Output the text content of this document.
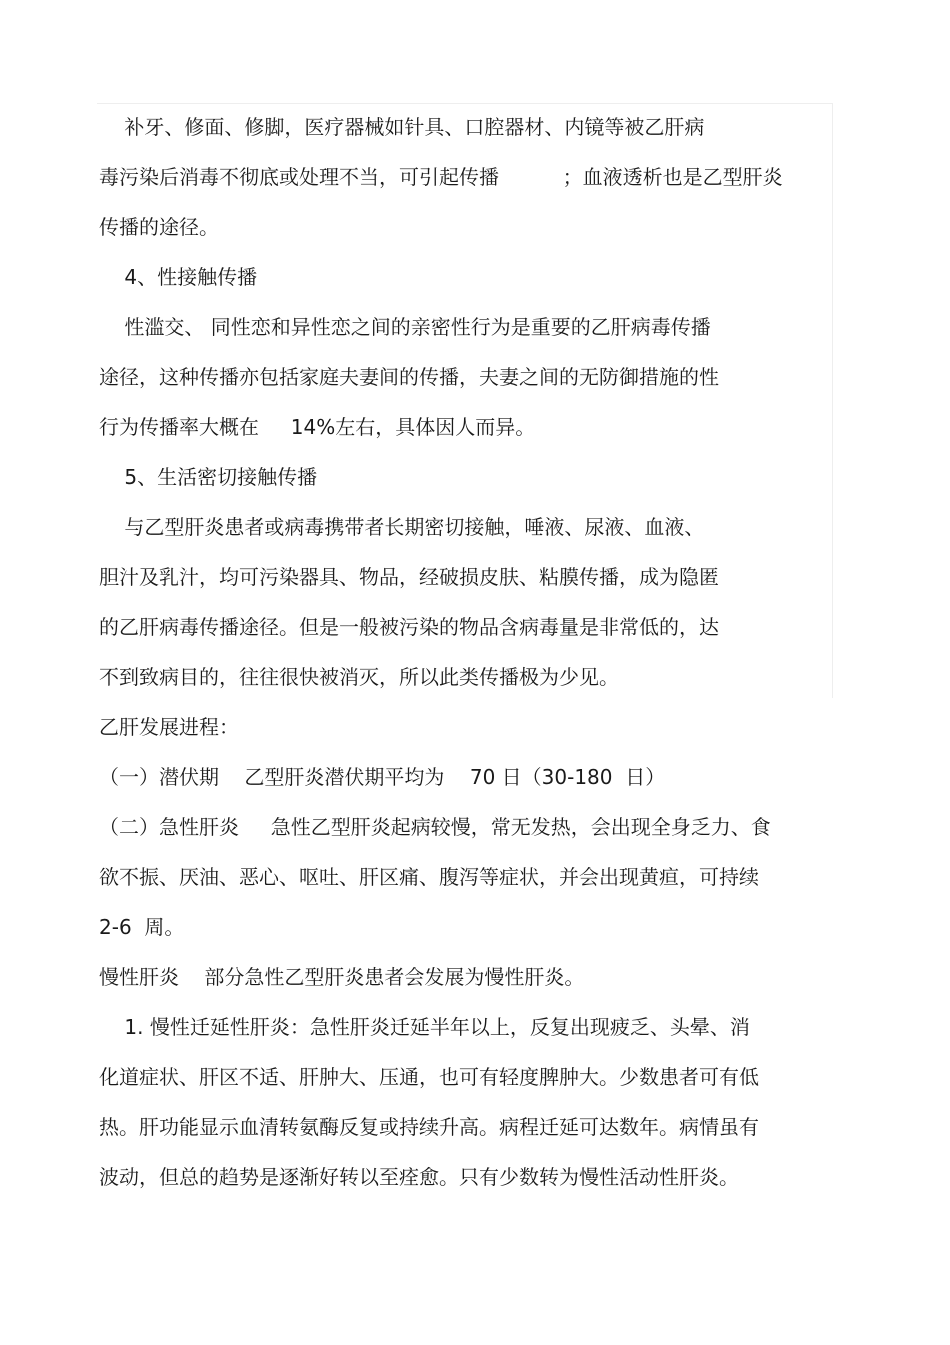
补牙、修面、修脚，医疗器械如针具、口腔器材、内镜等被乙肝病

毒污染后消毒不彻底或处理不当，可引起传播          ；血液透析也是乙型肝炎

传播的途径。

4、性接触传播

性滥交、 同性恋和异性恋之间的亲密性行为是重要的乙肝病毒传播

途径，这种传播亦包括家庭夫妻间的传播，夫妻之间的无防御措施的性

行为传播率大概在     14%左右，具体因人而异。

5、生活密切接触传播

与乙型肝炎患者或病毒携带者长期密切接触，唾液、尿液、血液、

胆汁及乳汁，均可污染器具、物品，经破损皮肤、粘膜传播，成为隐匿

的乙肝病毒传播途径。但是一般被污染的物品含病毒量是非常低的，达

不到致病目的，往往很快被消灭，所以此类传播极为少见。

乙肝发展进程：

（一）潜伏期    乙型肝炎潜伏期平均为    70 日（30-180  日）

（二）急性肝炎     急性乙型肝炎起病较慢，常无发热，会出现全身乏力、食

欲不振、厌油、恶心、呕吐、肝区痛、腹泻等症状，并会出现黄疸，可持续

2-6  周。

慢性肝炎    部分急性乙型肝炎患者会发展为慢性肝炎。

1. 慢性迁延性肝炎：急性肝炎迁延半年以上，反复出现疲乏、头晕、消

化道症状、肝区不适、肝肿大、压通，也可有轻度脾肿大。少数患者可有低

热。肝功能显示血清转氨酶反复或持续升高。病程迁延可达数年。病情虽有

波动，但总的趋势是逐渐好转以至痊愈。只有少数转为慢性活动性肝炎。
